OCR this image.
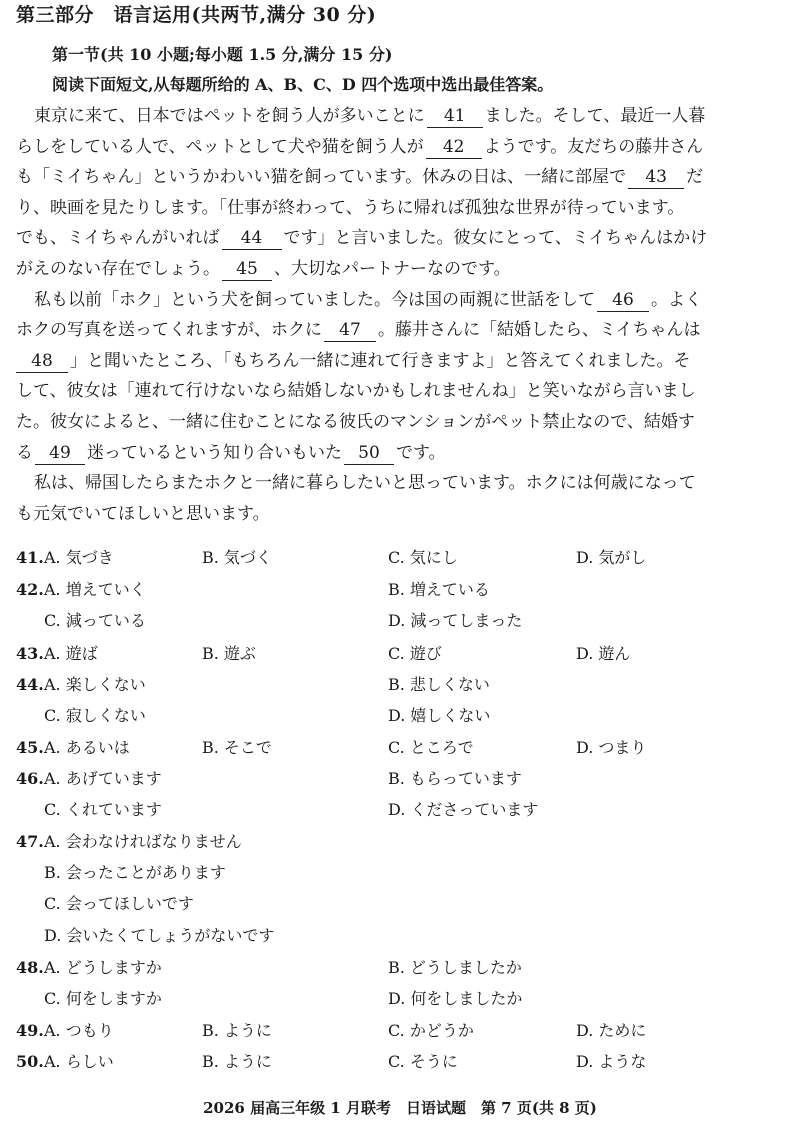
第三部分　语言运用(共两节,满分 30 分)
第一节(共 10 小题;每小题 1.5 分,满分 15 分)
阅读下面短文,从每题所给的 A、B、C、D 四个选项中选出最佳答案。
東京に来て、日本ではペットを飼う人が多いことに 41 ました。そして、最近一人暮
らしをしている人で、ペットとして犬や猫を飼う人が 42 ようです。友だちの藤井さん
も「ミイちゃん」というかわいい猫を飼っています。休みの日は、一緒に部屋で 43 だ
り、映画を見たりします。「仕事が終わって、うちに帰れば孤独な世界が待っています。
でも、ミイちゃんがいれば 44 です」と言いました。彼女にとって、ミイちゃんはかけ
がえのない存在でしょう。 45 、大切なパートナーなのです。
私も以前「ホク」という犬を飼っていました。今は国の両親に世話をして 46 。よく
ホクの写真を送ってくれますが、ホクに 47 。藤井さんに「結婚したら、ミイちゃんは
48 」と聞いたところ、「もちろん一緒に連れて行きますよ」と答えてくれました。そ
して、彼女は「連れて行けないなら結婚しないかもしれませんね」と笑いながら言いまし
た。彼女によると、一緒に住むことになる彼氏のマンションがペット禁止なので、結婚す
る 49 迷っているという知り合いもいた 50 です。
私は、帰国したらまたホクと一緒に暮らしたいと思っています。ホクには何歳になって
も元気でいてほしいと思います。
41. A. 気づき	B. 気づく	C. 気にし	D. 気がし
42. A. 増えていく	B. 増えている
C. 減っている	D. 減ってしまった
43. A. 遊ば	B. 遊ぶ	C. 遊び	D. 遊ん
44. A. 楽しくない	B. 悲しくない
C. 寂しくない	D. 嬉しくない
45. A. あるいは	B. そこで	C. ところで	D. つまり
46. A. あげています	B. もらっています
C. くれています	D. くださっています
47. A. 会わなければなりません
B. 会ったことがあります
C. 会ってほしいです
D. 会いたくてしょうがないです
48. A. どうしますか	B. どうしましたか
C. 何をしますか	D. 何をしましたか
49. A. つもり	B. ように	C. かどうか	D. ために
50. A. らしい	B. ように	C. そうに	D. ような
2026 届高三年级 1 月联考　日语试题　第 7 页(共 8 页)
